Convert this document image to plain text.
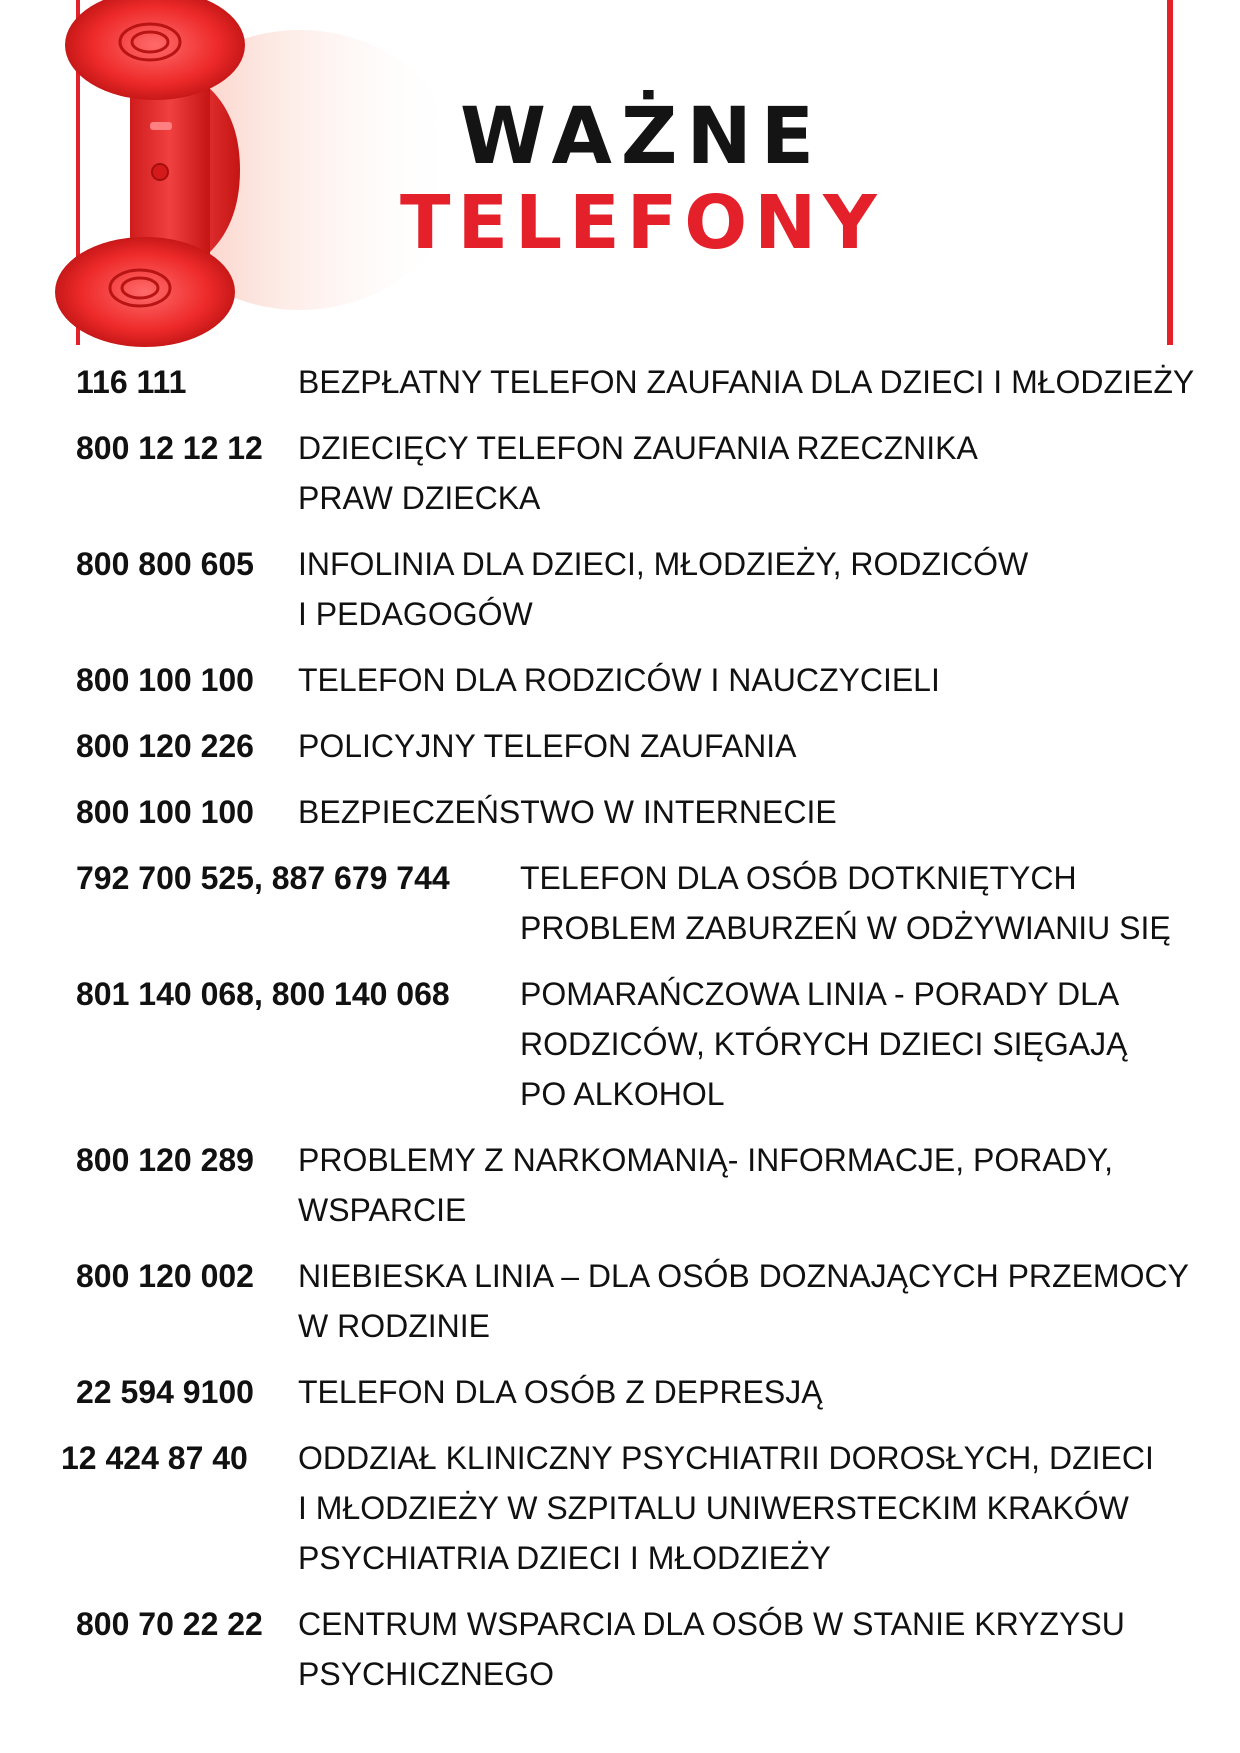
WAŻNE
TELEFONY
116 111	BEZPŁATNY TELEFON ZAUFANIA DLA DZIECI I MŁODZIEŻY
800 12 12 12 DZIECIĘCY TELEFON ZAUFANIA RZECZNIKA
PRAW DZIECKA
800 800 605 INFOLINIA DLA DZIECI, MŁODZIEŻY, RODZICÓW
I PEDAGOGÓW
800 100 100 TELEFON DLA RODZICÓW I NAUCZYCIELI
800 120 226 POLICYJNY TELEFON ZAUFANIA
800 100 100 BEZPIECZEŃSTWO W INTERNECIE
792 700 525, 887 679 744 TELEFON DLA OSÓB DOTKNIĘTYCH
PROBLEM ZABURZEŃ W ODŻYWIANIU SIĘ
801 140 068, 800 140 068 POMARAŃCZOWA LINIA - PORADY DLA
RODZICÓW, KTÓRYCH DZIECI SIĘGAJĄ
PO ALKOHOL
800 120 289 PROBLEMY Z NARKOMANIĄ- INFORMACJE, PORADY,
WSPARCIE
800 120 002 NIEBIESKA LINIA – DLA OSÓB DOZNAJĄCYCH PRZEMOCY
W RODZINIE
22 594 9100 TELEFON DLA OSÓB Z DEPRESJĄ
12 424 87 40 ODDZIAŁ KLINICZNY PSYCHIATRII DOROSŁYCH, DZIECI
I MŁODZIEŻY W SZPITALU UNIWERSTECKIM KRAKÓW
PSYCHIATRIA DZIECI I MŁODZIEŻY
800 70 22 22 CENTRUM WSPARCIA DLA OSÓB W STANIE KRYZYSU
PSYCHICZNEGO
